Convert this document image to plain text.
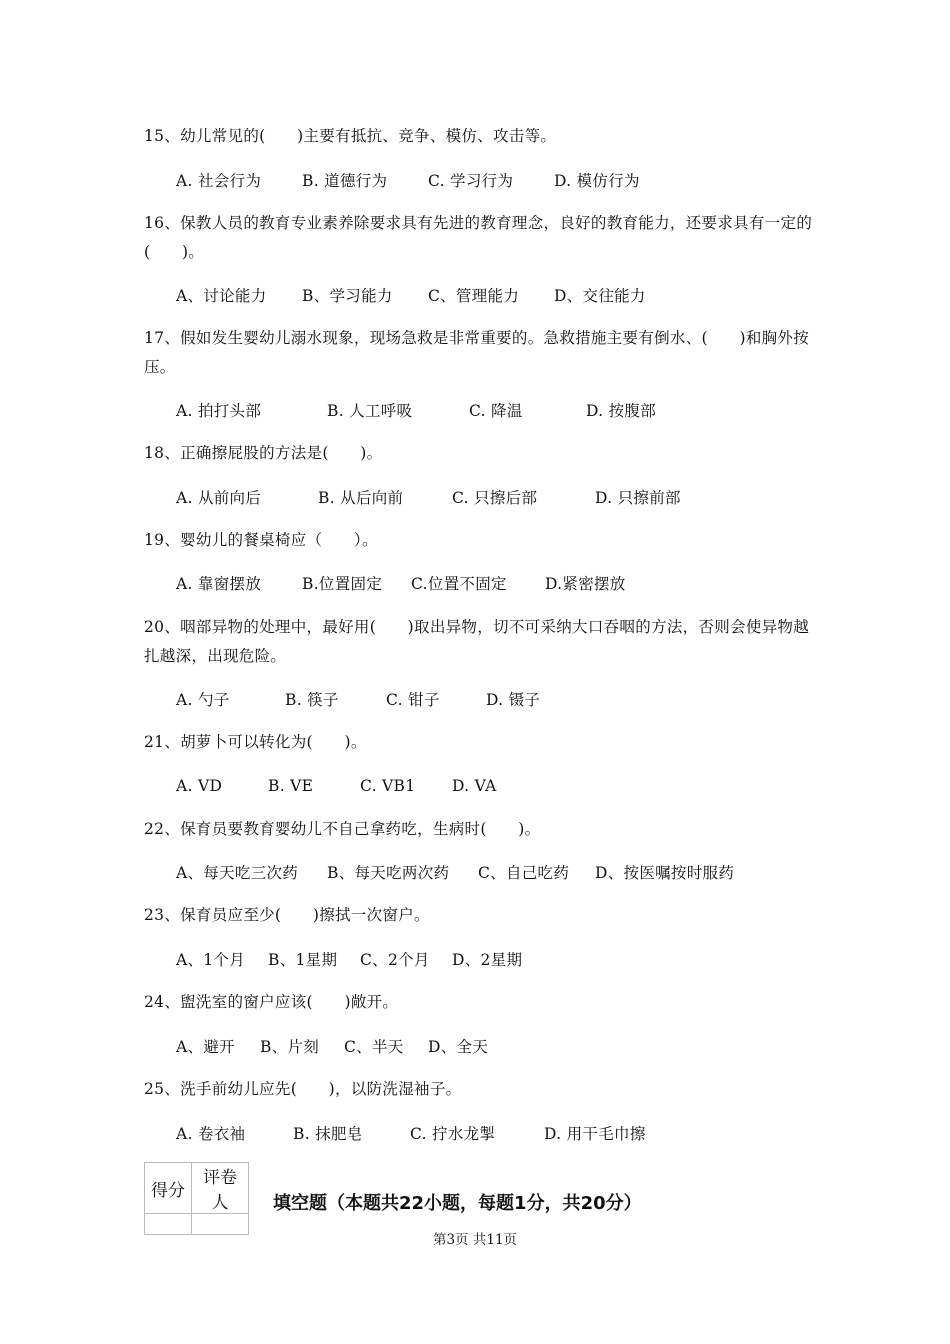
15、幼儿常见的(　　)主要有抵抗、竞争、模仿、攻击等。
A. 社会行为	B. 道德行为	C. 学习行为	D. 模仿行为
16、保教人员的教育专业素养除要求具有先进的教育理念，良好的教育能力，还要求具有一定的(　　)。
A、讨论能力 B、学习能力 C、管理能力 D、交往能力
17、假如发生婴幼儿溺水现象，现场急救是非常重要的。急救措施主要有倒水、(　　)和胸外按压。
A. 拍打头部	B. 人工呼吸	C. 降温	D. 按腹部
18、正确擦屁股的方法是(　　)。
A. 从前向后	B. 从后向前	C. 只擦后部	D. 只擦前部
19、婴幼儿的餐桌椅应（　　）。
A. 靠窗摆放	B.位置固定 C.位置不固定 D.紧密摆放
20、咽部异物的处理中，最好用(　　)取出异物，切不可采纳大口吞咽的方法，否则会使异物越扎越深，出现危险。
A. 勺子	B. 筷子	C. 钳子	D. 镊子
21、胡萝卜可以转化为(　　)。
A. VD	B. VE	C. VB1 D. VA
22、保育员要教育婴幼儿不自己拿药吃，生病时(　　)。
A、每天吃三次药 B、每天吃两次药 C、自己吃药 D、按医嘱按时服药
23、保育员应至少(　　)擦拭一次窗户。
A、1个月 B、1星期 C、2个月 D、2星期
24、盥洗室的窗户应该(　　)敞开。
A、避开 B、片刻 C、半天 D、全天
25、洗手前幼儿应先(　　)，以防洗湿袖子。
A. 卷衣袖	B. 抹肥皂	C. 拧水龙掣	D. 用干毛巾擦
得分	评卷人
	填空题（本题共22小题，每题1分，共20分）
第3页 共11页
